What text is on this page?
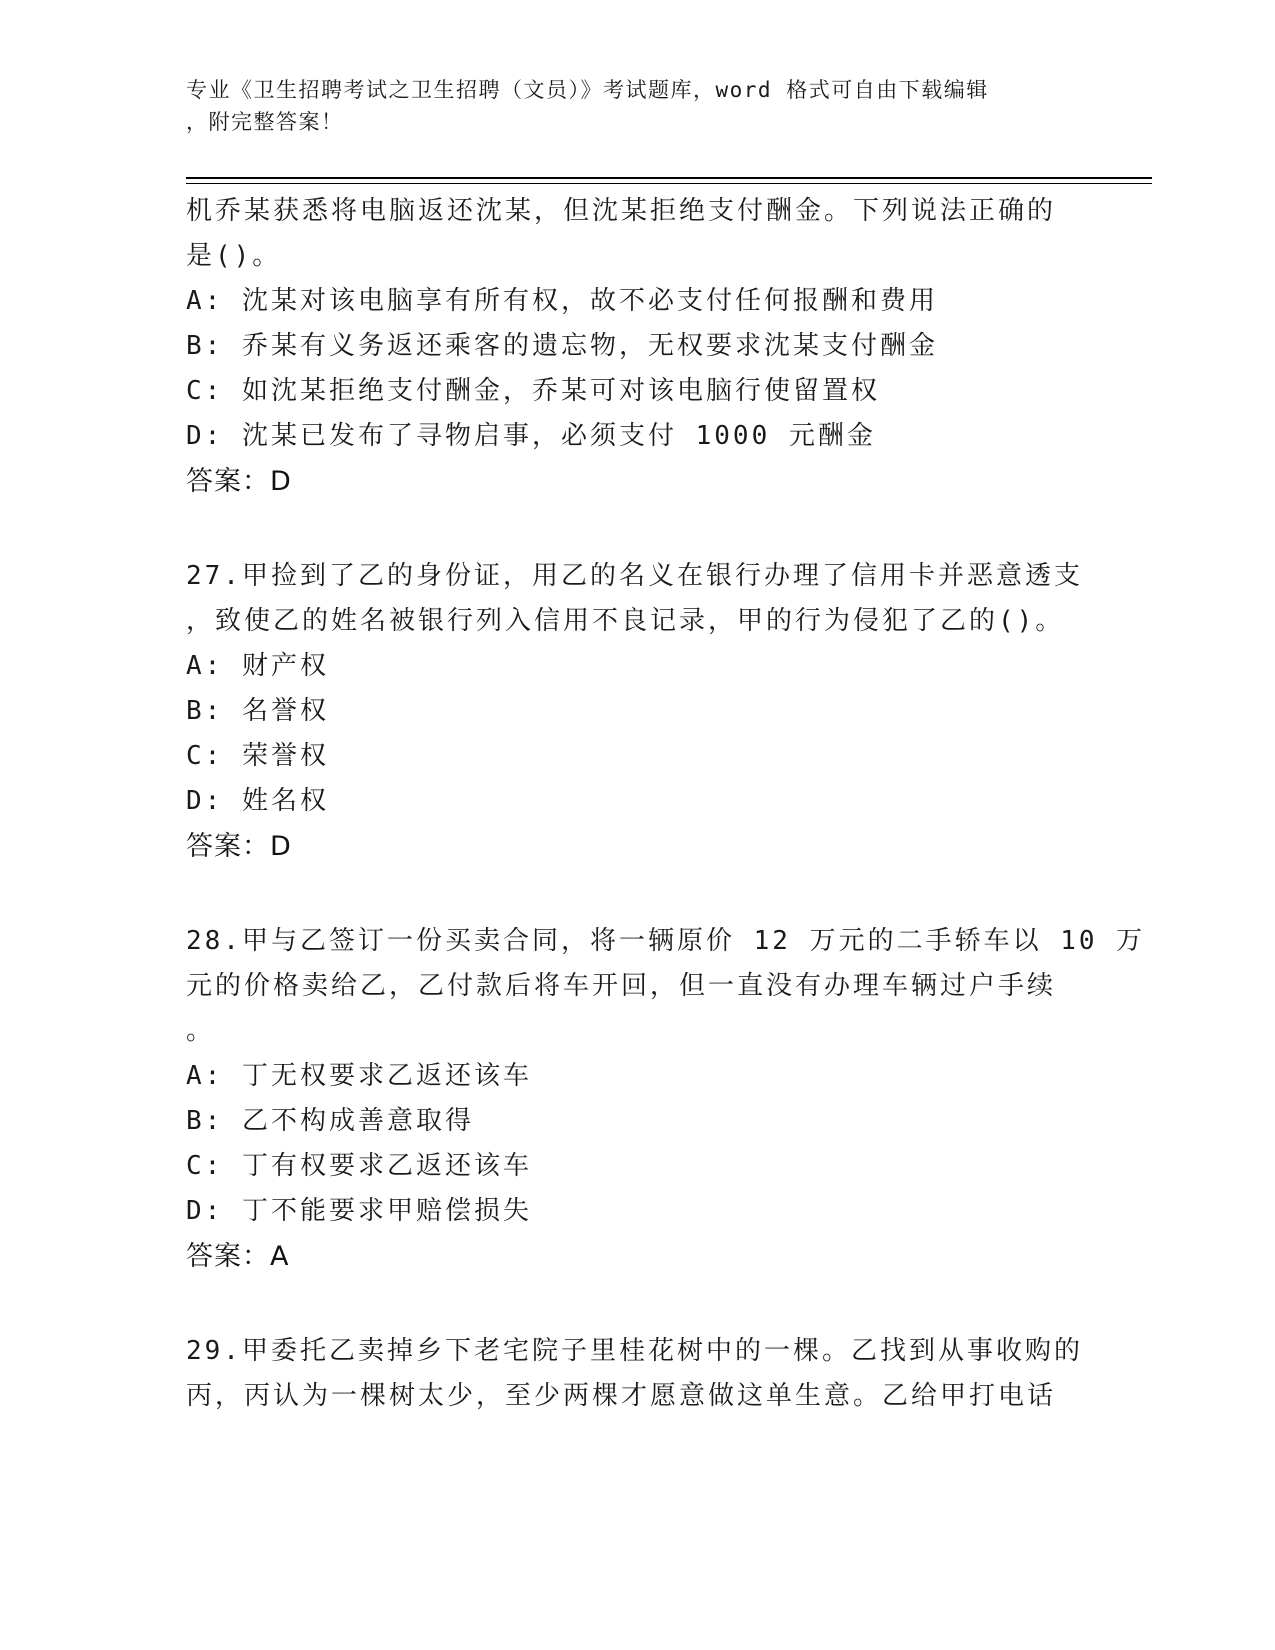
专业《卫生招聘考试之卫生招聘（文员）》考试题库，word 格式可自由下载编辑
，附完整答案！
机乔某获悉将电脑返还沈某，但沈某拒绝支付酬金。下列说法正确的
是()。
A: 沈某对该电脑享有所有权，故不必支付任何报酬和费用
B: 乔某有义务返还乘客的遗忘物，无权要求沈某支付酬金
C: 如沈某拒绝支付酬金，乔某可对该电脑行使留置权
D: 沈某已发布了寻物启事，必须支付 1000 元酬金
答案：D
27.甲捡到了乙的身份证，用乙的名义在银行办理了信用卡并恶意透支
，致使乙的姓名被银行列入信用不良记录，甲的行为侵犯了乙的()。
A: 财产权
B: 名誉权
C: 荣誉权
D: 姓名权
答案：D
28.甲与乙签订一份买卖合同，将一辆原价 12 万元的二手轿车以 10 万
元的价格卖给乙，乙付款后将车开回，但一直没有办理车辆过户手续
。
A: 丁无权要求乙返还该车
B: 乙不构成善意取得
C: 丁有权要求乙返还该车
D: 丁不能要求甲赔偿损失
答案：A
29.甲委托乙卖掉乡下老宅院子里桂花树中的一棵。乙找到从事收购的
丙，丙认为一棵树太少，至少两棵才愿意做这单生意。乙给甲打电话
